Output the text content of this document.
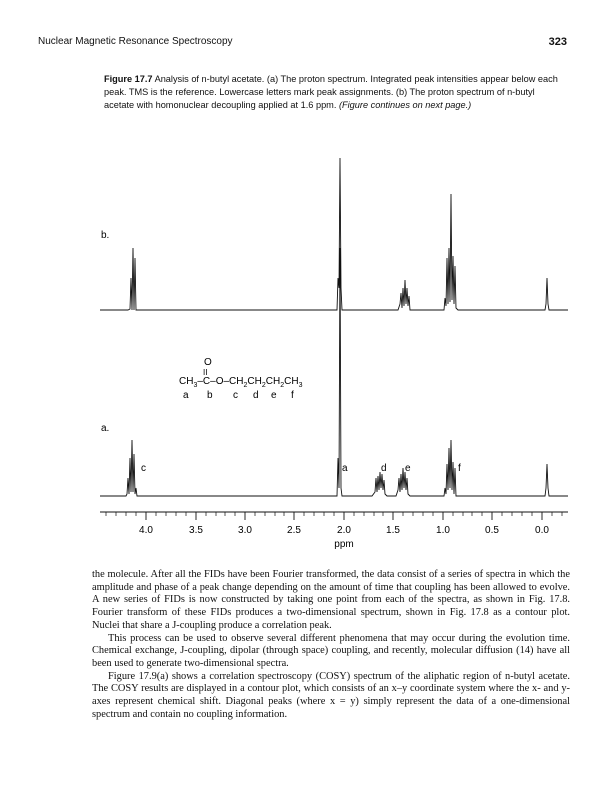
Nuclear Magnetic Resonance Spectroscopy	323
Figure 17.7 Analysis of n-butyl acetate. (a) The proton spectrum. Integrated peak intensities appear below each peak. TMS is the reference. Lowercase letters mark peak assignments. (b) The proton spectrum of n-butyl acetate with homonuclear decoupling applied at 1.6 ppm. (Figure continues on next page.)
b.
a.
O
II
$CH_3-C-O-CH_2CH_2CH_2CH_3$
a b c d e f
c	a	d e	f
4.0	3.5	3.0	2.5	2.0	1.5	1.0	0.5	0.0
ppm

the molecule. After all the FIDs have been Fourier transformed, the data consist of a series of spectra in which the amplitude and phase of a peak change depending on the amount of time that coupling has been allowed to evolve. A new series of FIDs is now constructed by taking one point from each of the spectra, as shown in Fig. 17.8. Fourier transform of these FIDs produces a two-dimensional spectrum, shown in Fig. 17.8 as a contour plot. Nuclei that share a J-coupling produce a correlation peak.

This process can be used to observe several different phenomena that may occur during the evolution time. Chemical exchange, J-coupling, dipolar (through space) coupling, and recently, molecular diffusion (14) have all been used to generate two-dimensional spectra.

Figure 17.9(a) shows a correlation spectroscopy (COSY) spectrum of the aliphatic region of n-butyl acetate. The COSY results are displayed in a contour plot, which consists of an x–y coordinate system where the x- and y-axes represent chemical shift. Diagonal peaks (where x = y) simply represent the data of a one-dimensional spectrum and contain no coupling information.
